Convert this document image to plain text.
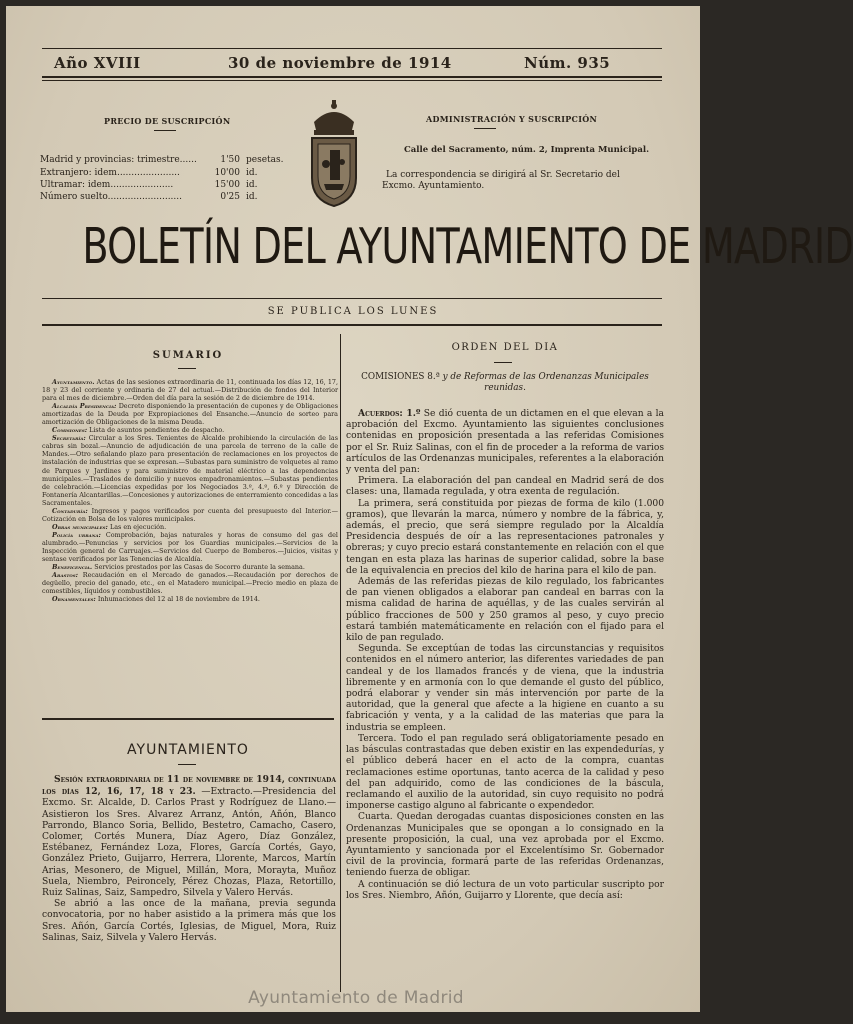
Año XVIII	30 de noviembre de 1914	Núm. 935
PRECIO DE SUSCRIPCIÓN
Madrid y provincias: trimestre......	1'50 pesetas.
Extranjero: idem......................	10'00 id.
Ultramar: idem......................	15'00 id.
Número suelto..........................	0'25 id.
ADMINISTRACIÓN Y SUSCRIPCIÓN
Calle del Sacramento, núm. 2, Imprenta Municipal.
La correspondencia se dirigirá al Sr. Secretario del Excmo. Ayuntamiento.
BOLETÍN DEL AYUNTAMIENTO DE MADRID
SE PUBLICA LOS LUNES
SUMARIO

Ayuntamiento. Actas de las sesiones extraordinaria de 11, continuada los días 12, 16, 17, 18 y 23 del corriente y ordinaria de 27 del actual.—Distribución de fondos del Interior para el mes de diciembre.—Orden del día para la sesión de 2 de diciembre de 1914.

Alcaldía Presidencia: Decreto disponiendo la presentación de cupones y de Obligaciones amortizadas de la Deuda por Expropiaciones del Ensanche.—Anuncio de sorteo para amortización de Obligaciones de la misma Deuda.

Comisiones: Lista de asuntos pendientes de despacho.

Secretaría: Circular a los Sres. Tenientes de Alcalde prohibiendo la circulación de las cabras sin bozal.—Anuncio de adjudicación de una parcela de terreno de la calle de Mandes.—Otro señalando plazo para presentación de reclamaciones en los proyectos de instalación de industrias que se expresan.—Subastas para suministro de volquetes al ramo de Parques y Jardines y para suministro de material eléctrico a las dependencias municipales.—Traslados de domicilio y nuevos empadronamientos.—Subastas pendientes de celebración.—Licencias expedidas por los Negociados 3.º, 4.º, 6.º y Dirección de Fontanería Alcantarillas.—Concesiones y autorizaciones de enterramiento concedidas a las Sacramentales.

Contaduría: Ingresos y pagos verificados por cuenta del presupuesto del Interior.—Cotización en Bolsa de los valores municipales.

Obras municipales: Las en ejecución.

Policía urbana: Comprobación, bajas naturales y horas de consumo del gas del alumbrado.—Penuncias y servicios por los Guardias municipales.—Servicios de la Inspección general de Carruajes.—Servicios del Cuerpo de Bomberos.—Juicios, visitas y sentase verificados por las Tenencias de Alcaldía.

Beneficencia. Servicios prestados por las Casas de Socorro durante la semana.

Abastos: Recaudación en el Mercado de ganados.—Recaudación por derechos de degüello, precio del ganado, etc., en el Matadero municipal.—Precio medio en plaza de comestibles, líquidos y combustibles.

Ornamentales: Inhumaciones del 12 al 18 de noviembre de 1914.

AYUNTAMIENTO

Sesión extraordinaria de 11 de noviembre de 1914, continuada los días 12, 16, 17, 18 y 23. —Extracto.—Presidencia del Excmo. Sr. Alcalde, D. Carlos Prast y Rodríguez de Llano.—Asistieron los Sres. Alvarez Arranz, Antón, Añón, Blanco Parrondo, Blanco Soria, Bellido, Bestetro, Camacho, Casero, Colomer, Cortés Munera, Díaz Agero, Díaz González, Estébanez, Fernández Loza, Flores, García Cortés, Gayo, González Prieto, Guijarro, Herrera, Llorente, Marcos, Martín Arias, Mesonero, de Miguel, Millán, Mora, Morayta, Muñoz Suela, Niembro, Peironcely, Pérez Chozas, Plaza, Retortillo, Ruiz Salinas, Saiz, Sampedro, Silvela y Valero Hervás.

Se abrió a las once de la mañana, previa segunda convocatoria, por no haber asistido a la primera más que los Sres. Añón, García Cortés, Iglesias, de Miguel, Mora, Ruiz Salinas, Saiz, Silvela y Valero Hervás.

ORDEN DEL DIA
COMISIONES 8.ª y de Reformas de las Ordenanzas Municipales reunidas.

Acuerdos: 1.º Se dió cuenta de un dictamen en el que elevan a la aprobación del Excmo. Ayuntamiento las siguientes conclusiones contenidas en proposición presentada a las referidas Comisiones por el Sr. Ruiz Salinas, con el fin de proceder a la reforma de varios artículos de las Ordenanzas municipales, referentes a la elaboración y venta del pan:

Primera. La elaboración del pan candeal en Madrid será de dos clases: una, llamada regulada, y otra exenta de regulación.

La primera, será constituida por piezas de forma de kilo (1.000 gramos), que llevarán la marca, número y nombre de la fábrica, y, además, el precio, que será siempre regulado por la Alcaldía Presidencia después de oír a las representaciones patronales y obreras; y cuyo precio estará constantemente en relación con el que tengan en esta plaza las harinas de superior calidad, sobre la base de la equivalencia en precios del kilo de harina para el kilo de pan.

Además de las referidas piezas de kilo regulado, los fabricantes de pan vienen obligados a elaborar pan candeal en barras con la misma calidad de harina de aquéllas, y de las cuales servirán al público fracciones de 500 y 250 gramos al peso, y cuyo precio estará también matemáticamente en relación con el fijado para el kilo de pan regulado.

Segunda. Se exceptúan de todas las circunstancias y requisitos contenidos en el número anterior, las diferentes variedades de pan candeal y de los llamados francés y de viena, que la industria libremente y en armonía con lo que demande el gusto del público, podrá elaborar y vender sin más intervención por parte de la autoridad, que la general que afecte a la higiene en cuanto a su fabricación y venta, y a la calidad de las materias que para la industria se empleen.

Tercera. Todo el pan regulado será obligatoriamente pesado en las básculas contrastadas que deben existir en las expendedurías, y el público deberá hacer en el acto de la compra, cuantas reclamaciones estime oportunas, tanto acerca de la calidad y peso del pan adquirido, como de las condiciones de la báscula, reclamando el auxilio de la autoridad, sin cuyo requisito no podrá imponerse castigo alguno al fabricante o expendedor.

Cuarta. Quedan derogadas cuantas disposiciones consten en las Ordenanzas Municipales que se opongan a lo consignado en la presente proposición, la cual, una vez aprobada por el Excmo. Ayuntamiento y sancionada por el Excelentísimo Sr. Gobernador civil de la provincia, formará parte de las referidas Ordenanzas, teniendo fuerza de obligar.

A continuación se dió lectura de un voto particular suscripto por los Sres. Niembro, Añón, Guijarro y Llorente, que decía así:

Ayuntamiento de Madrid
